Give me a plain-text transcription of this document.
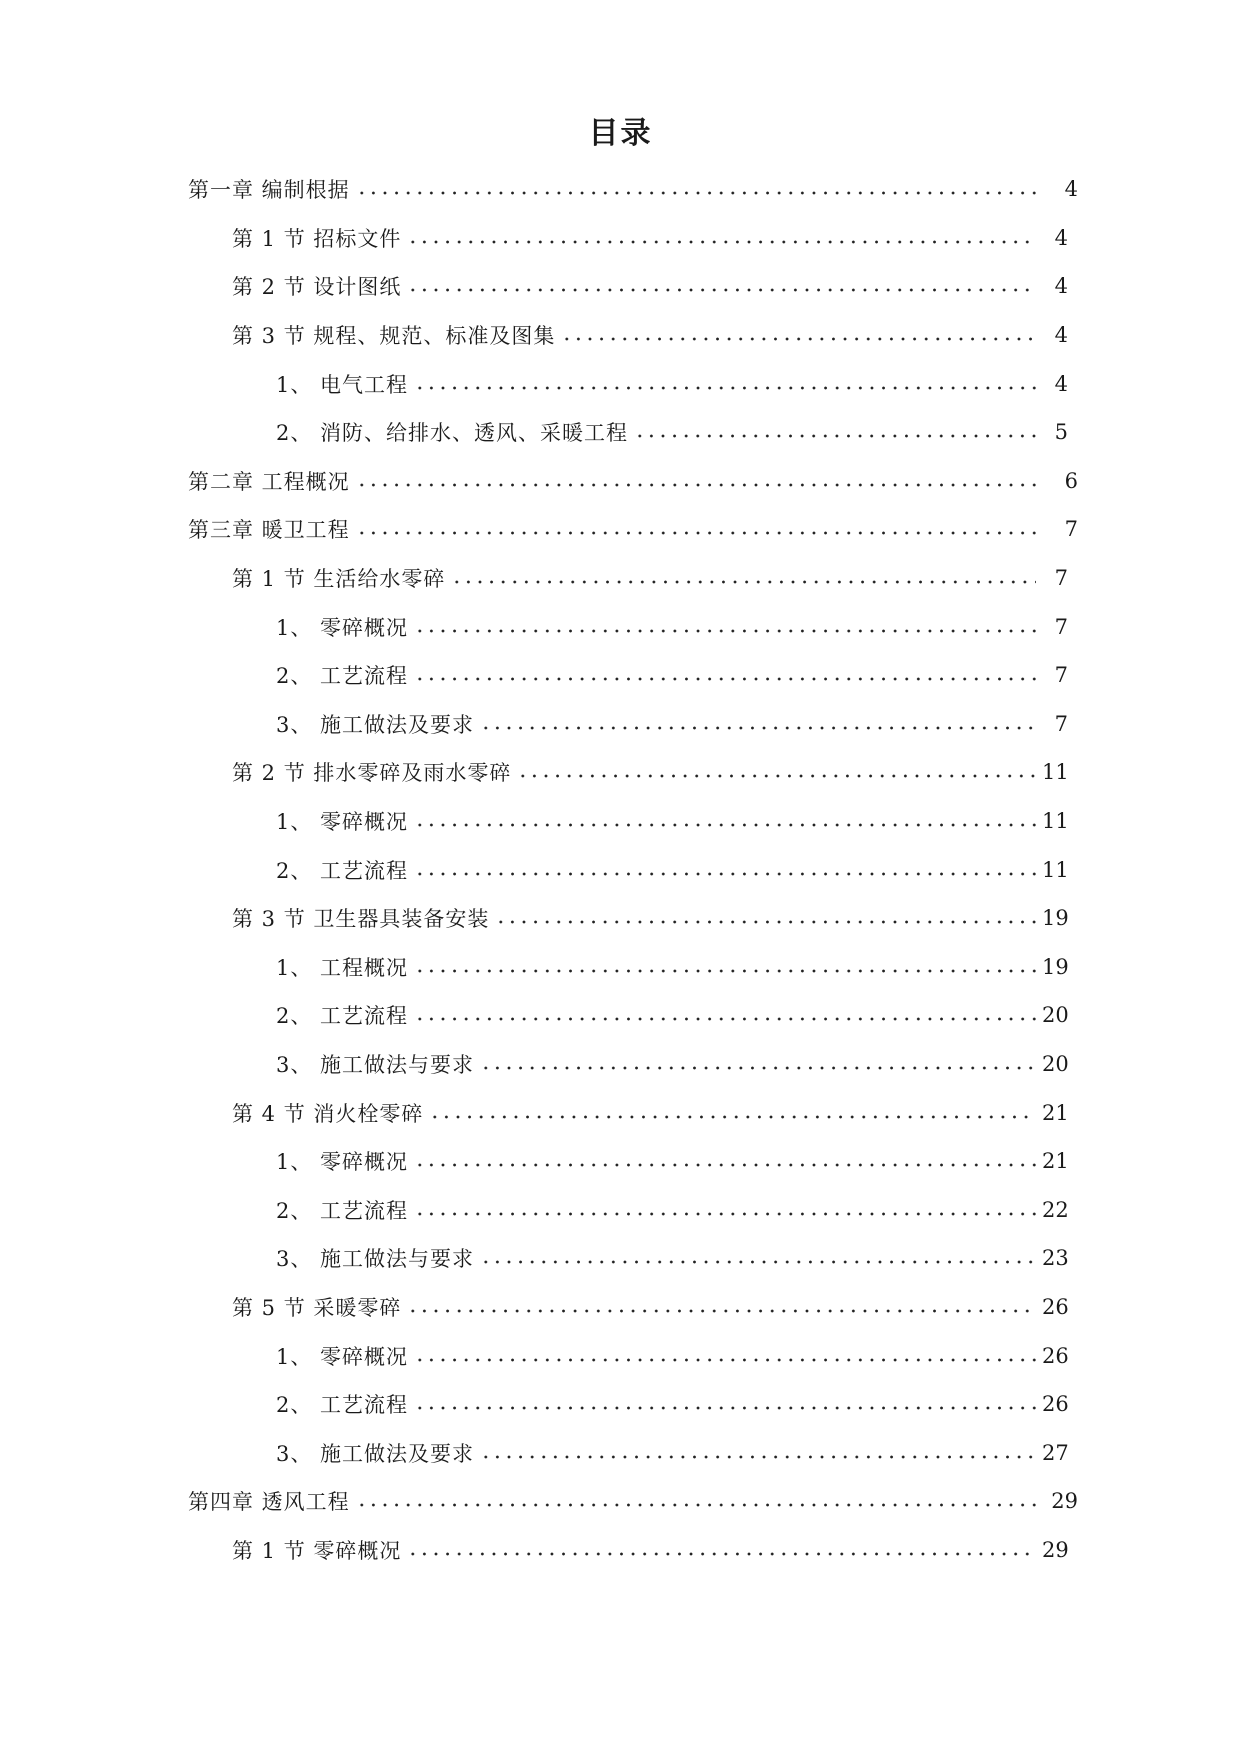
目录
第一章 编制根据	4
第 1 节 招标文件	4
第 2 节 设计图纸	4
第 3 节 规程、规范、标准及图集	4
1、 电气工程	4
2、 消防、给排水、透风、采暖工程	5
第二章 工程概况	6
第三章 暖卫工程	7
第 1 节 生活给水零碎	7
1、 零碎概况	7
2、 工艺流程	7
3、 施工做法及要求	7
第 2 节 排水零碎及雨水零碎	11
1、 零碎概况	11
2、 工艺流程	11
第 3 节 卫生器具装备安装	19
1、 工程概况	19
2、 工艺流程	20
3、 施工做法与要求	20
第 4 节 消火栓零碎	21
1、 零碎概况	21
2、 工艺流程	22
3、 施工做法与要求	23
第 5 节 采暖零碎	26
1、 零碎概况	26
2、 工艺流程	26
3、 施工做法及要求	27
第四章 透风工程	29
第 1 节 零碎概况	29
